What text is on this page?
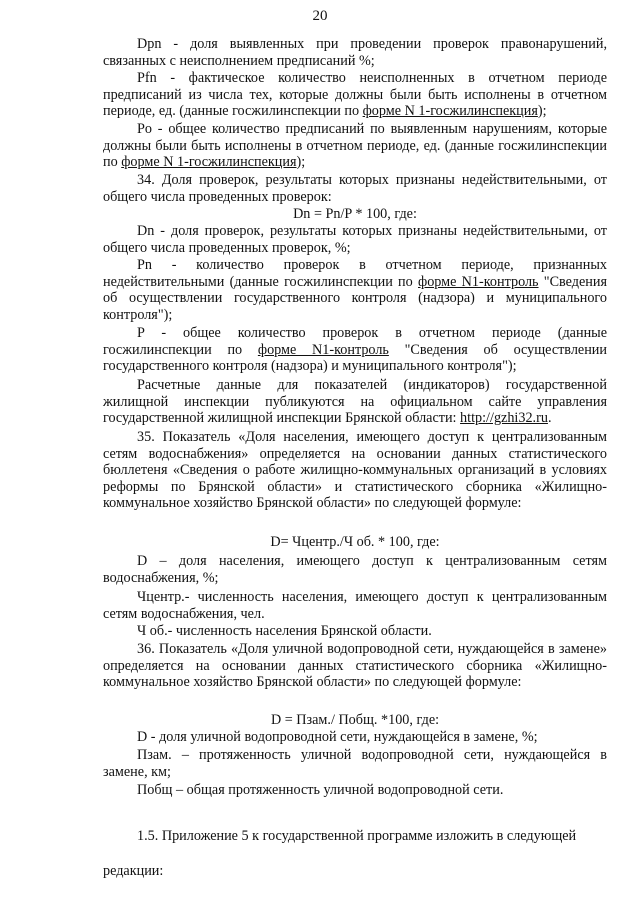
20

Dpn - доля выявленных при проведении проверок правонарушений, связанных с неисполнением предписаний %;

Pfn - фактическое количество неисполненных в отчетном периоде предписаний из числа тех, которые должны были быть исполнены в отчетном периоде, ед. (данные госжилинспекции по форме N 1-госжилинспекция);

Po - общее количество предписаний по выявленным нарушениям, которые должны были быть исполнены в отчетном периоде, ед. (данные госжилинспекции по форме N 1-госжилинспекция);

34. Доля проверок, результаты которых признаны недействительными, от общего числа проведенных проверок:

Dn = Pn/P * 100, где:

Dn - доля проверок, результаты которых признаны недействительными, от общего числа проведенных проверок, %;

Pn - количество проверок в отчетном периоде, признанных недействительными (данные госжилинспекции по форме N1-контроль "Сведения об осуществлении государственного контроля (надзора) и муниципального контроля");

P - общее количество проверок в отчетном периоде (данные госжилинспекции по форме N1-контроль "Сведения об осуществлении государственного контроля (надзора) и муниципального контроля");

Расчетные данные для показателей (индикаторов) государственной жилищной инспекции публикуются на официальном сайте управления государственной жилищной инспекции Брянской области: http://gzhi32.ru.

35. Показатель «Доля населения, имеющего доступ к централизованным сетям водоснабжения» определяется на основании данных статистического бюллетеня «Сведения о работе жилищно-коммунальных организаций в условиях реформы по Брянской области» и статистического сборника «Жилищно-коммунальное хозяйство Брянской области» по следующей формуле:

D= Чцентр./Ч об. * 100, где:

D – доля населения, имеющего доступ к централизованным сетям водоснабжения, %;

Чцентр.- численность населения, имеющего доступ к централизованным сетям водоснабжения, чел.

Ч об.- численность населения Брянской области.

36. Показатель «Доля уличной водопроводной сети, нуждающейся в замене» определяется на основании данных статистического сборника «Жилищно-коммунальное хозяйство Брянской области» по следующей формуле:

D = Пзам./ Побщ. *100, где:

D - доля уличной водопроводной сети, нуждающейся в замене, %;

Пзам. – протяженность уличной водопроводной сети, нуждающейся в замене, км;

Побщ – общая протяженность уличной водопроводной сети.

1.5. Приложение 5 к государственной программе изложить в следующей

редакции:
